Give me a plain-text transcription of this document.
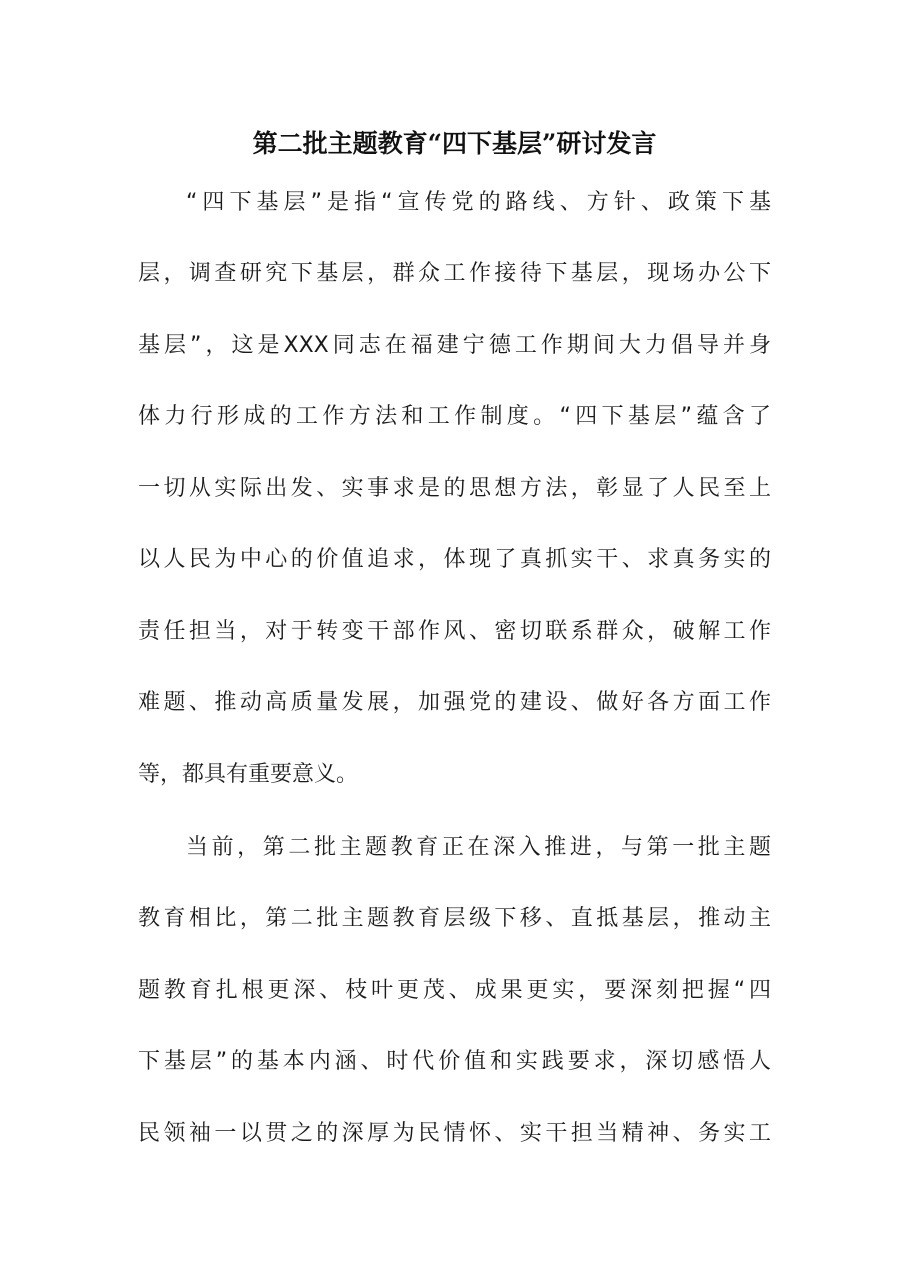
第二批主题教育“四下基层”研讨发言

“四下基层”是指“宣传党的路线、方针、政策下基

层，调查研究下基层，群众工作接待下基层，现场办公下

基层”，这是XXX同志在福建宁德工作期间大力倡导并身

体力行形成的工作方法和工作制度。“四下基层”蕴含了

一切从实际出发、实事求是的思想方法，彰显了人民至上

以人民为中心的价值追求，体现了真抓实干、求真务实的

责任担当，对于转变干部作风、密切联系群众，破解工作

难题、推动高质量发展，加强党的建设、做好各方面工作

等，都具有重要意义。

当前，第二批主题教育正在深入推进，与第一批主题

教育相比，第二批主题教育层级下移、直抵基层，推动主

题教育扎根更深、枝叶更茂、成果更实，要深刻把握“四

下基层”的基本内涵、时代价值和实践要求，深切感悟人

民领袖一以贯之的深厚为民情怀、实干担当精神、务实工
